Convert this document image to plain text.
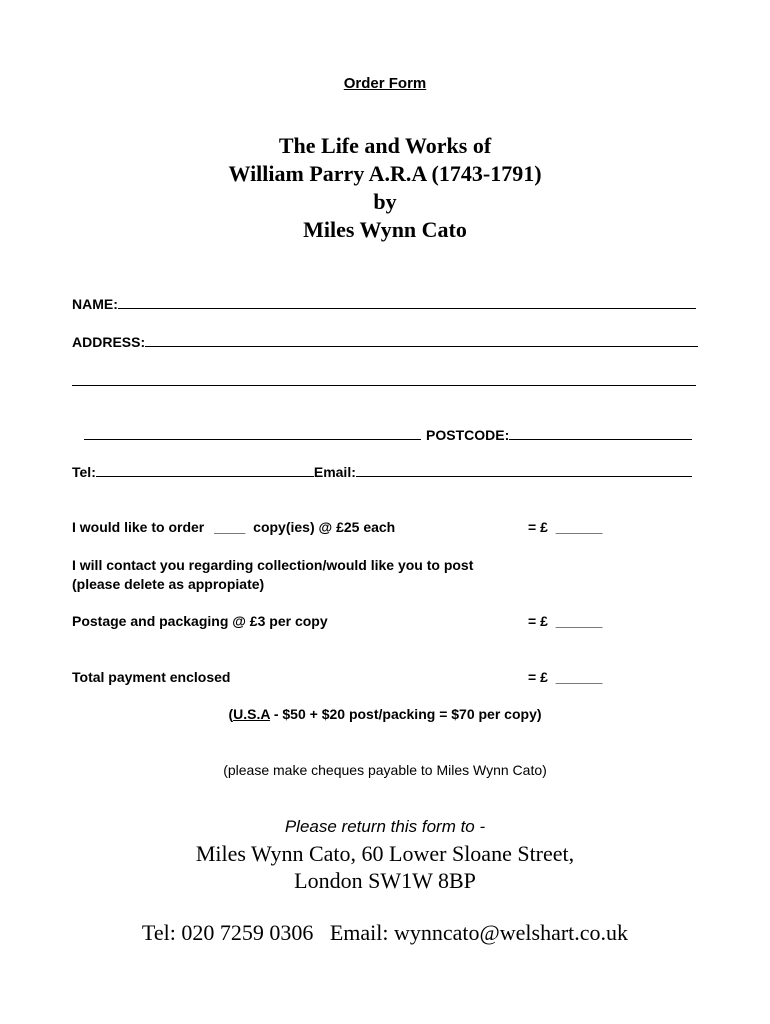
Order Form
The Life and Works of
William Parry A.R.A (1743-1791)
by
Miles Wynn Cato
NAME:
ADDRESS:
POSTCODE:
Tel:	Email:
I would like to order ____ copy(ies) @ £25 each	= £ ______
I will contact you regarding collection/would like you to post
(please delete as appropiate)
Postage and packaging @ £3 per copy	= £ ______
Total payment enclosed	= £ ______
(U.S.A - $50 + $20 post/packing = $70 per copy)
(please make cheques payable to Miles Wynn Cato)
Please return this form to -
Miles Wynn Cato, 60 Lower Sloane Street,
London SW1W 8BP
Tel: 020 7259 0306   Email: wynncato@welshart.co.uk
